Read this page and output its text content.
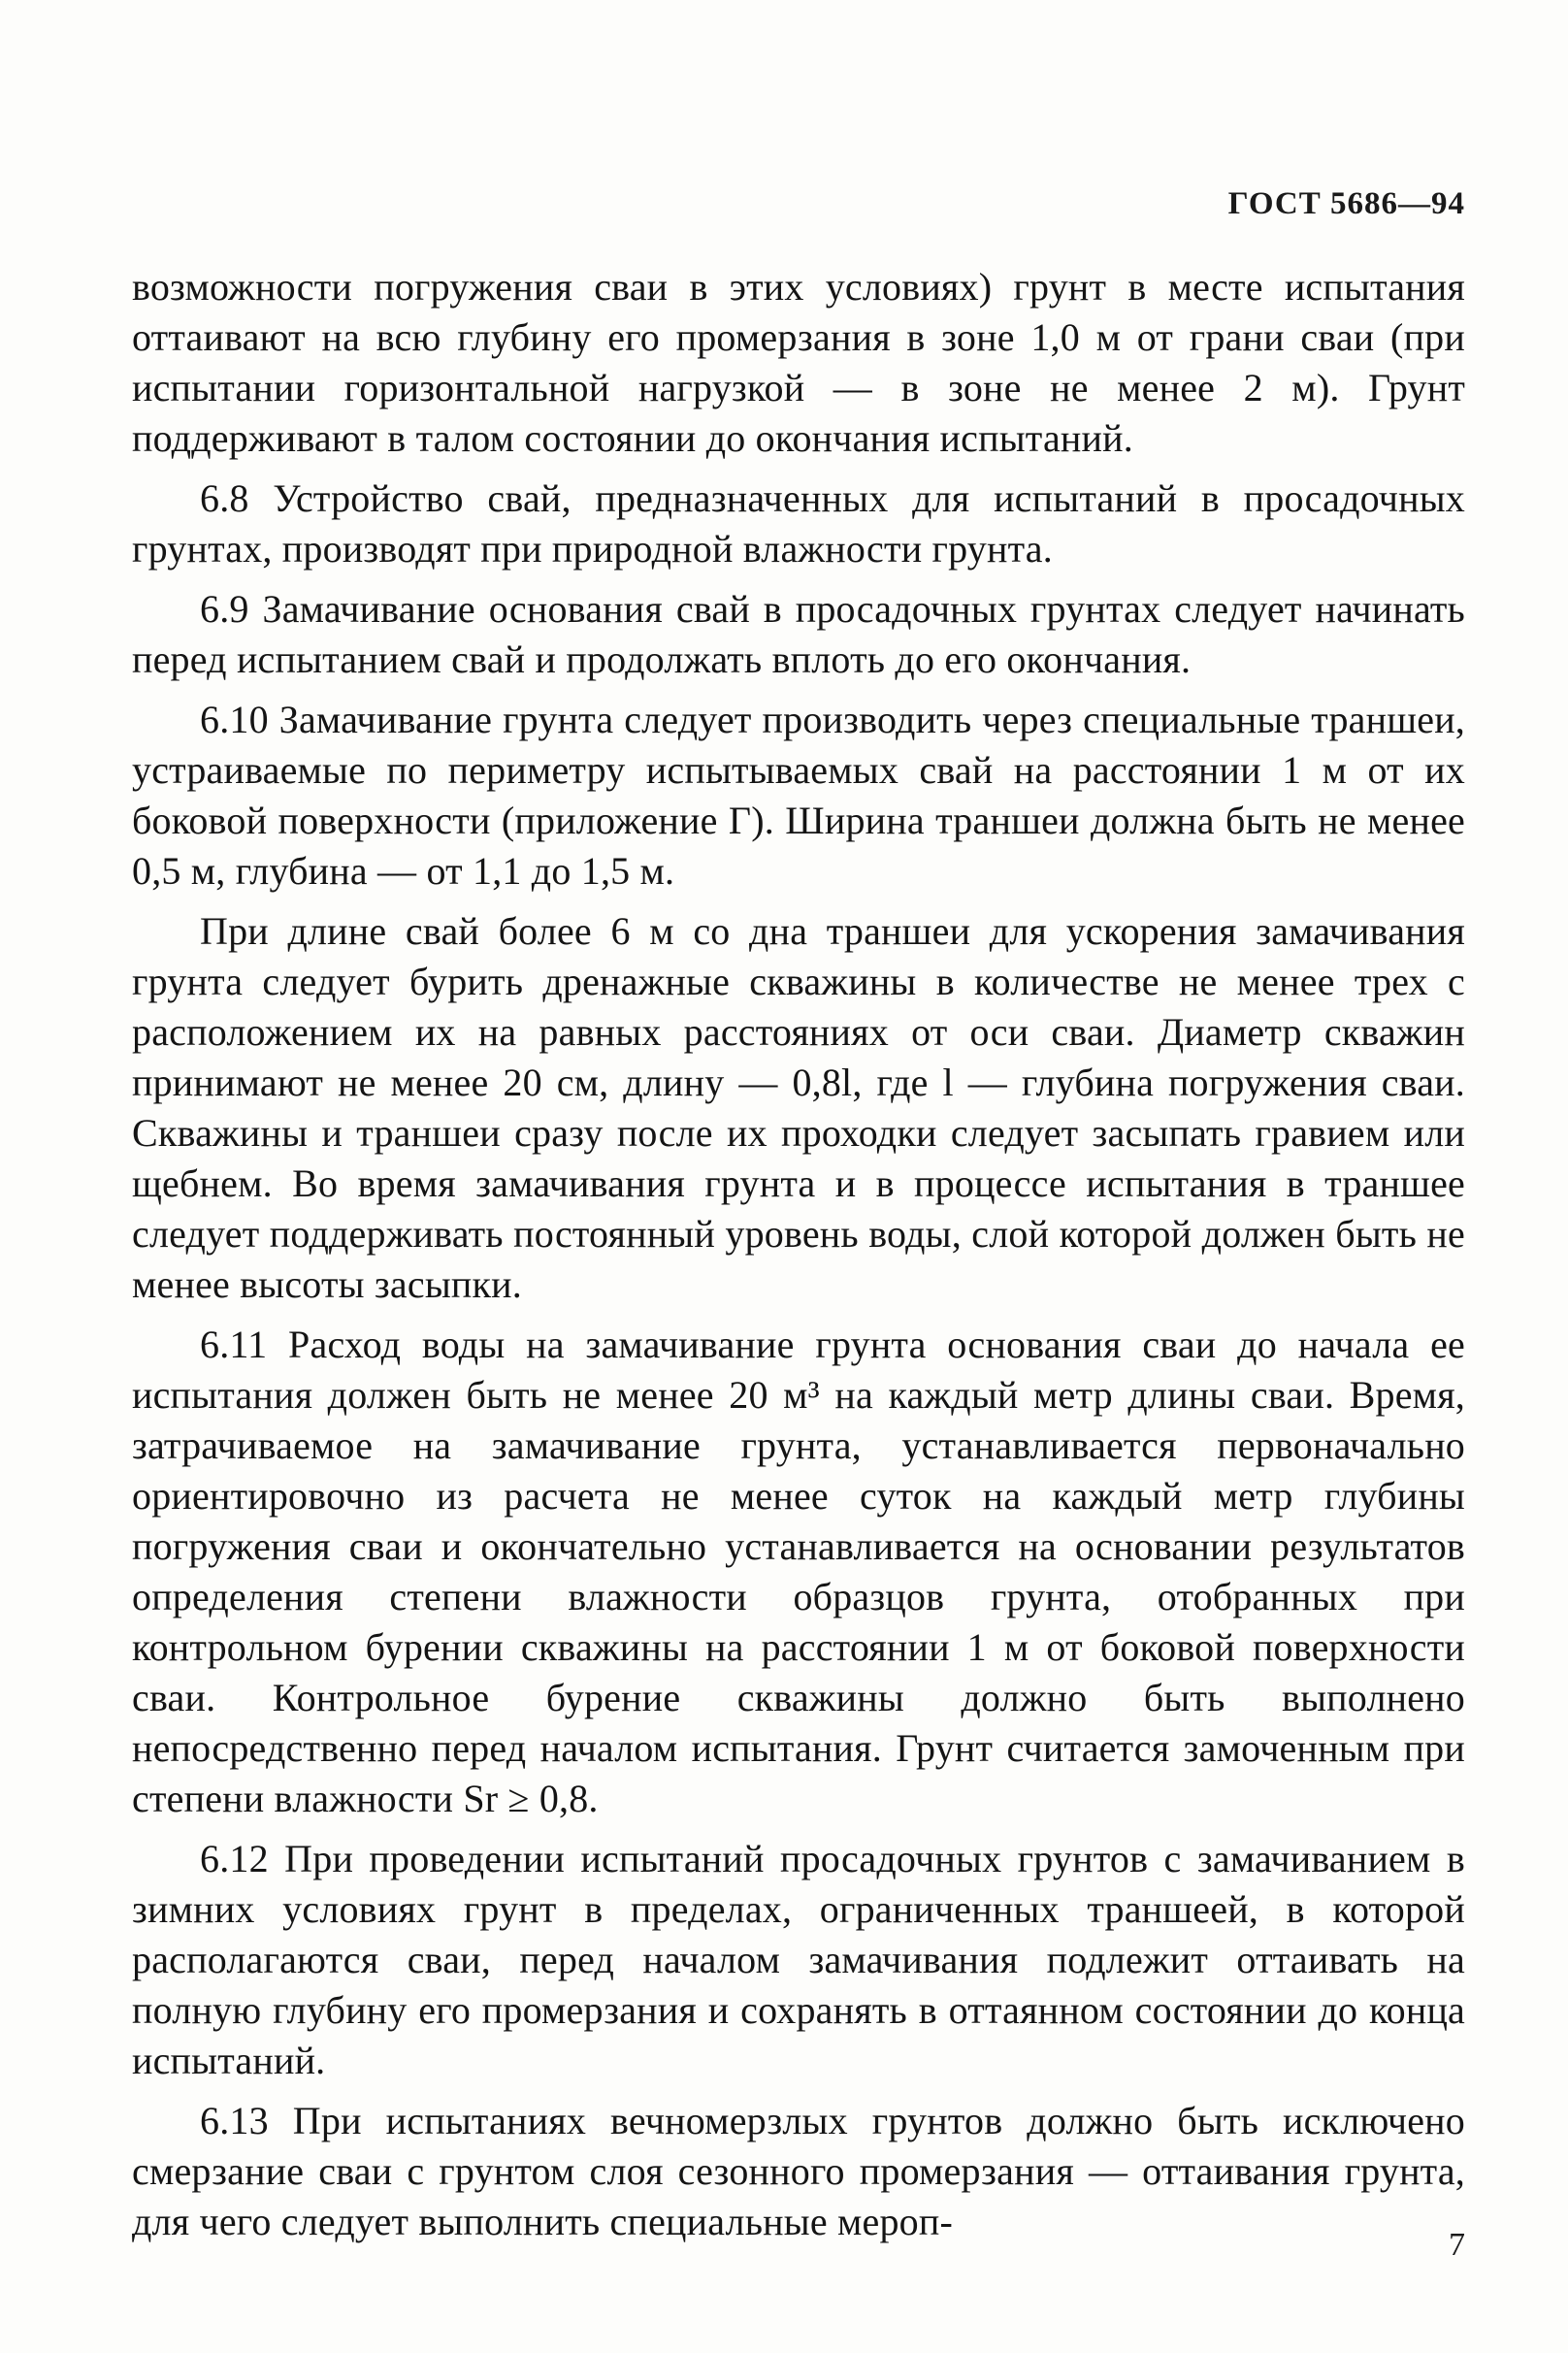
ГОСТ 5686—94

возможности погружения сваи в этих условиях) грунт в месте испытания оттаивают на всю глубину его промерзания в зоне 1,0 м от грани сваи (при испытании горизонтальной нагрузкой — в зоне не менее 2 м). Грунт поддерживают в талом состоянии до окончания испытаний.

6.8 Устройство свай, предназначенных для испытаний в просадочных грунтах, производят при природной влажности грунта.

6.9 Замачивание основания свай в просадочных грунтах следует начинать перед испытанием свай и продолжать вплоть до его окончания.

6.10 Замачивание грунта следует производить через специальные траншеи, устраиваемые по периметру испытываемых свай на расстоянии 1 м от их боковой поверхности (приложение Г). Ширина траншеи должна быть не менее 0,5 м, глубина — от 1,1 до 1,5 м.

При длине свай более 6 м со дна траншеи для ускорения замачивания грунта следует бурить дренажные скважины в количестве не менее трех с расположением их на равных расстояниях от оси сваи. Диаметр скважин принимают не менее 20 см, длину — 0,8l, где l — глубина погружения сваи. Скважины и траншеи сразу после их проходки следует засыпать гравием или щебнем. Во время замачивания грунта и в процессе испытания в траншее следует поддерживать постоянный уровень воды, слой которой должен быть не менее высоты засыпки.

6.11 Расход воды на замачивание грунта основания сваи до начала ее испытания должен быть не менее 20 м³ на каждый метр длины сваи. Время, затрачиваемое на замачивание грунта, устанавливается первоначально ориентировочно из расчета не менее суток на каждый метр глубины погружения сваи и окончательно устанавливается на основании результатов определения степени влажности образцов грунта, отобранных при контрольном бурении скважины на расстоянии 1 м от боковой поверхности сваи. Контрольное бурение скважины должно быть выполнено непосредственно перед началом испытания. Грунт считается замоченным при степени влажности Sr ≥ 0,8.

6.12 При проведении испытаний просадочных грунтов с замачиванием в зимних условиях грунт в пределах, ограниченных траншеей, в которой располагаются сваи, перед началом замачивания подлежит оттаивать на полную глубину его промерзания и сохранять в оттаянном состоянии до конца испытаний.

6.13 При испытаниях вечномерзлых грунтов должно быть исключено смерзание сваи с грунтом слоя сезонного промерзания — оттаивания грунта, для чего следует выполнить специальные мероп-

7
